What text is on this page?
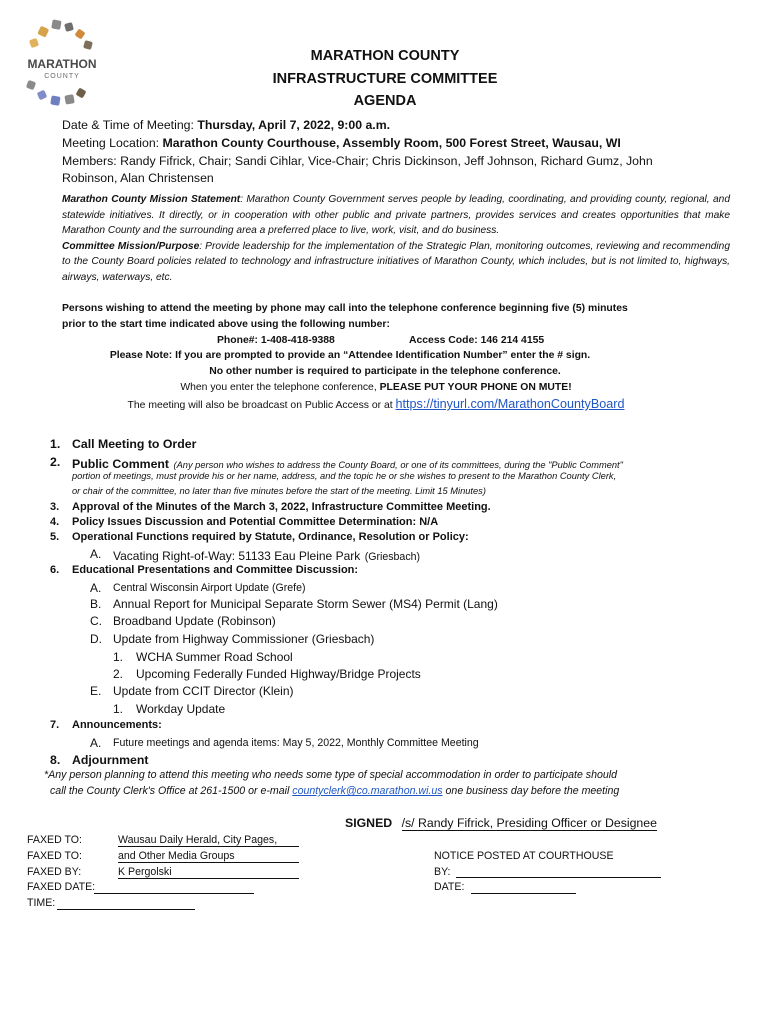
MARATHON
COUNTY
MARATHON COUNTY
INFRASTRUCTURE COMMITTEE
AGENDA
Date & Time of Meeting: Thursday, April 7, 2022, 9:00 a.m.
Meeting Location: Marathon County Courthouse, Assembly Room, 500 Forest Street, Wausau, WI
Members: Randy Fifrick, Chair; Sandi Cihlar, Vice-Chair; Chris Dickinson, Jeff Johnson, Richard Gumz, John
Robinson, Alan Christensen
Marathon County Mission Statement: Marathon County Government serves people by leading, coordinating, and providing county, regional, and statewide initiatives. It directly, or in cooperation with other public and private partners, provides services and creates opportunities that make Marathon County and the surrounding area a preferred place to live, work, visit, and do business.
Committee Mission/Purpose: Provide leadership for the implementation of the Strategic Plan, monitoring outcomes, reviewing and recommending to the County Board policies related to technology and infrastructure initiatives of Marathon County, which includes, but is not limited to, highways, airways, waterways, etc.
Persons wishing to attend the meeting by phone may call into the telephone conference beginning five (5) minutes
prior to the start time indicated above using the following number:
Phone#: 1-408-418-9388	Access Code: 146 214 4155
Please Note: If you are prompted to provide an “Attendee Identification Number” enter the # sign.
No other number is required to participate in the telephone conference.
When you enter the telephone conference, PLEASE PUT YOUR PHONE ON MUTE!
The meeting will also be broadcast on Public Access or at https://tinyurl.com/MarathonCountyBoard
1. Call Meeting to Order
2. Public Comment (Any person who wishes to address the County Board, or one of its committees, during the "Public Comment"
portion of meetings, must provide his or her name, address, and the topic he or she wishes to present to the Marathon County Clerk,
or chair of the committee, no later than five minutes before the start of the meeting. Limit 15 Minutes)
3. Approval of the Minutes of the March 3, 2022, Infrastructure Committee Meeting.
4. Policy Issues Discussion and Potential Committee Determination: N/A
5. Operational Functions required by Statute, Ordinance, Resolution or Policy:
A. Vacating Right-of-Way: 51133 Eau Pleine Park (Griesbach)
6. Educational Presentations and Committee Discussion:
A. Central Wisconsin Airport Update (Grefe)
B. Annual Report for Municipal Separate Storm Sewer (MS4) Permit (Lang)
C. Broadband Update (Robinson)
D. Update from Highway Commissioner (Griesbach)
1. WCHA Summer Road School
2. Upcoming Federally Funded Highway/Bridge Projects
E. Update from CCIT Director (Klein)
1. Workday Update
7. Announcements:
A. Future meetings and agenda items: May 5, 2022, Monthly Committee Meeting
8. Adjournment
*Any person planning to attend this meeting who needs some type of special accommodation in order to participate should
call the County Clerk's Office at 261-1500 or e-mail countyclerk@co.marathon.wi.us one business day before the meeting
SIGNED /s/ Randy Fifrick, Presiding Officer or Designee
FAXED TO:	Wausau Daily Herald, City Pages,
FAXED TO:	and Other Media Groups
FAXED BY:	K Pergolski
FAXED DATE:
TIME:
NOTICE POSTED AT COURTHOUSE
BY:
DATE:
